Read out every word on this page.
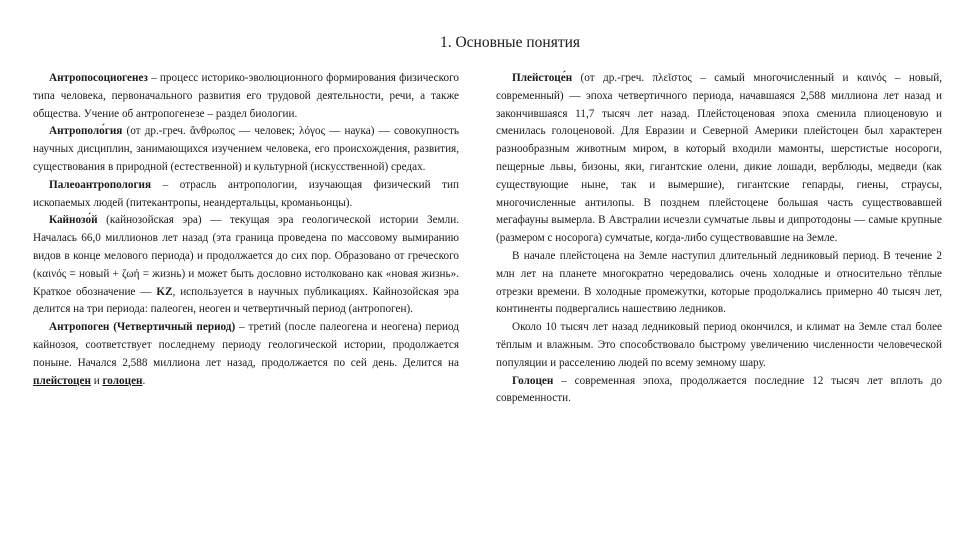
1. Основные понятия

Антропосоциогенез – процесс историко-эволюционного формирования физического типа человека, первоначального развития его трудовой деятельности, речи, а также общества. Учение об антропогенезе – раздел биологии.

Антрополо́гия (от др.-греч. ἄνθρωπος — человек; λόγος — наука) — совокупность научных дисциплин, занимающихся изучением человека, его происхождения, развития, существования в природной (естественной) и культурной (искусственной) средах.

Палеоантропология – отрасль антропологии, изучающая физический тип ископаемых людей (питекантропы, неандертальцы, кроманьонцы).

Кайнозо́й (кайнозойская эра) — текущая эра геологической истории Земли. Началась 66,0 миллионов лет назад (эта граница проведена по массовому вымиранию видов в конце мелового периода) и продолжается до сих пор. Образовано от греческого (καινός = новый + ζωή = жизнь) и может быть дословно истолковано как «новая жизнь». Краткое обозначение — KZ, используется в научных публикациях. Кайнозойская эра делится на три периода: палеоген, неоген и четвертичный период (антропоген).

Антропоген (Четвертичный период) – третий (после палеогена и неогена) период кайнозоя, соответствует последнему периоду геологической истории, продолжается поныне. Начался 2,588 миллиона лет назад, продолжается по сей день. Делится на плейстоцен и голоцен.

Плейстоце́н (от др.-греч. πλεῖστος – самый многочисленный и καινός – новый, современный) — эпоха четвертичного периода, начавшаяся 2,588 миллиона лет назад и закончившаяся 11,7 тысяч лет назад. Плейстоценовая эпоха сменила плиоценовую и сменилась голоценовой. Для Евразии и Северной Америки плейстоцен был характерен разнообразным животным миром, в который входили мамонты, шерстистые носороги, пещерные львы, бизоны, яки, гигантские олени, дикие лошади, верблюды, медведи (как существующие ныне, так и вымершие), гигантские гепарды, гиены, страусы, многочисленные антилопы. В позднем плейстоцене большая часть существовавшей мегафауны вымерла. В Австралии исчезли сумчатые львы и дипротодоны — самые крупные (размером с носорога) сумчатые, когда-либо существовавшие на Земле.

В начале плейстоцена на Земле наступил длительный ледниковый период. В течение 2 млн лет на планете многократно чередовались очень холодные и относительно тёплые отрезки времени. В холодные промежутки, которые продолжались примерно 40 тысяч лет, континенты подвергались нашествию ледников.

Около 10 тысяч лет назад ледниковый период окончился, и климат на Земле стал более тёплым и влажным. Это способствовало быстрому увеличению численности человеческой популяции и расселению людей по всему земному шару.

Голоцен – современная эпоха, продолжается последние 12 тысяч лет вплоть до современности.
